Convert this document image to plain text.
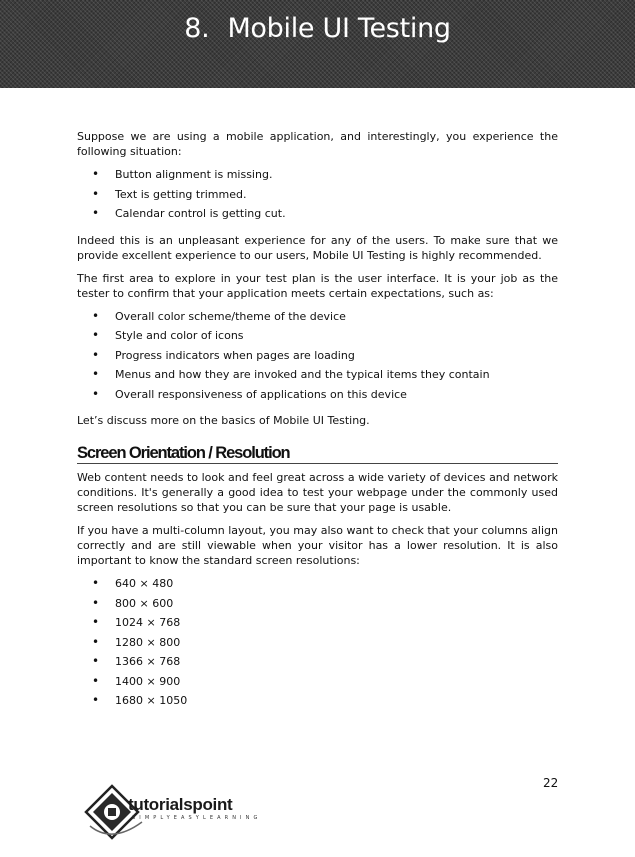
8. Mobile UI Testing

Suppose we are using a mobile application, and interestingly, you experience the following situation:

• Button alignment is missing.
• Text is getting trimmed.
• Calendar control is getting cut.

Indeed this is an unpleasant experience for any of the users. To make sure that we provide excellent experience to our users, Mobile UI Testing is highly recommended.

The first area to explore in your test plan is the user interface. It is your job as the tester to confirm that your application meets certain expectations, such as:

• Overall color scheme/theme of the device
• Style and color of icons
• Progress indicators when pages are loading
• Menus and how they are invoked and the typical items they contain
• Overall responsiveness of applications on this device

Let’s discuss more on the basics of Mobile UI Testing.

Screen Orientation / Resolution

Web content needs to look and feel great across a wide variety of devices and network conditions. It's generally a good idea to test your webpage under the commonly used screen resolutions so that you can be sure that your page is usable.

If you have a multi-column layout, you may also want to check that your columns align correctly and are still viewable when your visitor has a lower resolution. It is also important to know the standard screen resolutions:

• 640 × 480
• 800 × 600
• 1024 × 768
• 1280 × 800
• 1366 × 768
• 1400 × 900
• 1680 × 1050
22
tutorialspoint
SIMPLYEASYLEARNING
